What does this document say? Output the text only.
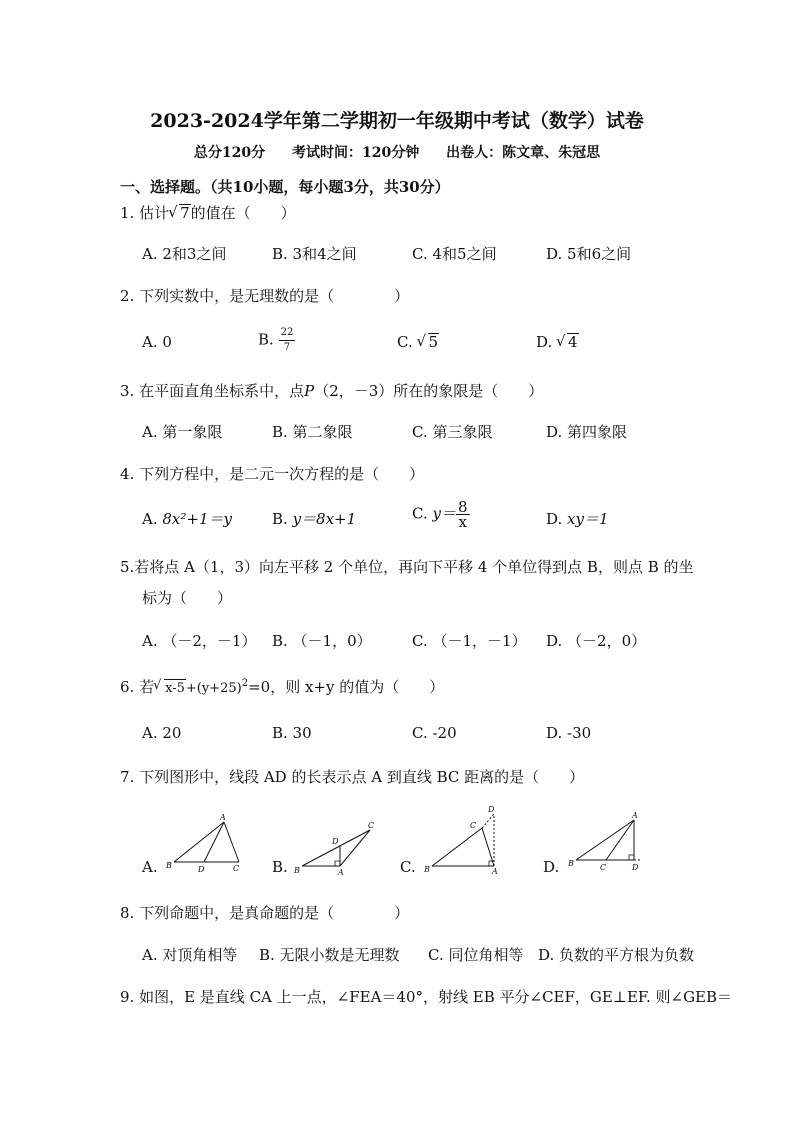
2023-2024学年第二学期初一年级期中考试（数学）试卷
总分120分 考试时间：120分钟 出卷人：陈文章、朱冠思
一、选择题。（共10小题，每小题3分，共30分）
1. 估计 √ 7的值在（　　）
A. 2和3之间	B. 3和4之间	C. 4和5之间	D. 5和6之间
2. 下列实数中，是无理数的是（　　　　）
A. 0	B. $\frac{22}{7}$	C. √ 5	D. √ 4
3. 在平面直角坐标系中，点P（2，－3）所在的象限是（　　）
A. 第一象限	B. 第二象限	C. 第三象限	D. 第四象限
4. 下列方程中，是二元一次方程的是（　　）
A. 8x²+1＝y	B. y＝8x+1	C. $y= \frac{8}{x}$	D. xy＝1
5.若将点 A（1，3）向左平移 2 个单位，再向下平移 4 个单位得到点 B，则点 B 的坐
标为（　　）
A. （－2，－1） B. （－1，0）	C. （－1，－1） D. （－2，0）
6. 若 √ $x-5+(y+25)^2=0$，则 x+y 的值为（　　）
A. 20	B. 30	C. -20	D. -30
7. 下列图形中，线段 AD 的长表示点 A 到直线 BC 距离的是（　　）
A.
A
B	D	C B.
C
D
B	A	C.
D
C
B	A	D.
A
B	C	D
8. 下列命题中，是真命题的是（　　　　）
A. 对顶角相等 B. 无限小数是无理数 C. 同位角相等 D. 负数的平方根为负数
9. 如图，E 是直线 CA 上一点，∠FEA＝40°，射线 EB 平分∠CEF，GE⊥EF. 则∠GEB＝
